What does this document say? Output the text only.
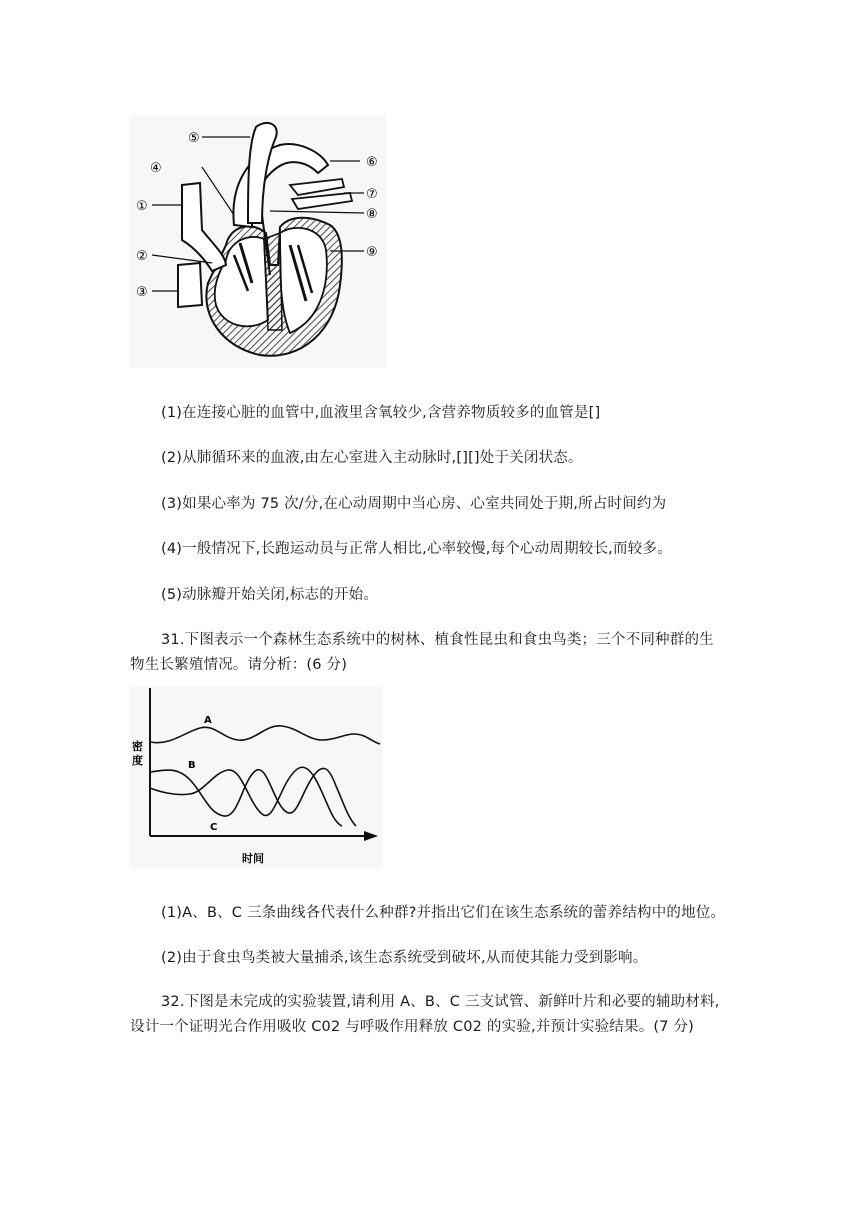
⑤
④
①
②
③
⑥
⑦
⑧
⑨
(1)在连接心脏的血管中,血液里含氧较少,含营养物质较多的血管是[]
(2)从肺循环来的血液,由左心室进入主动脉时,[][]处于关闭状态。
(3)如果心率为 75 次/分,在心动周期中当心房、心室共同处于期,所占时间约为
(4)一般情况下,长跑运动员与正常人相比,心率较慢,每个心动周期较长,而较多。
(5)动脉瓣开始关闭,标志的开始。
31.下图表示一个森林生态系统中的树林、植食性昆虫和食虫鸟类；三个不同种群的生
物生长繁殖情况。请分析：(6 分)
密度
时间
A
B
C
(1)A、B、C 三条曲线各代表什么种群?并指出它们在该生态系统的蕾养结构中的地位。
(2)由于食虫鸟类被大量捕杀,该生态系统受到破坏,从而使其能力受到影响。
32.下图是未完成的实验装置,请利用 A、B、C 三支试管、新鲜叶片和必要的辅助材料,
设计一个证明光合作用吸收 C02 与呼吸作用释放 C02 的实验,并预计实验结果。(7 分)
